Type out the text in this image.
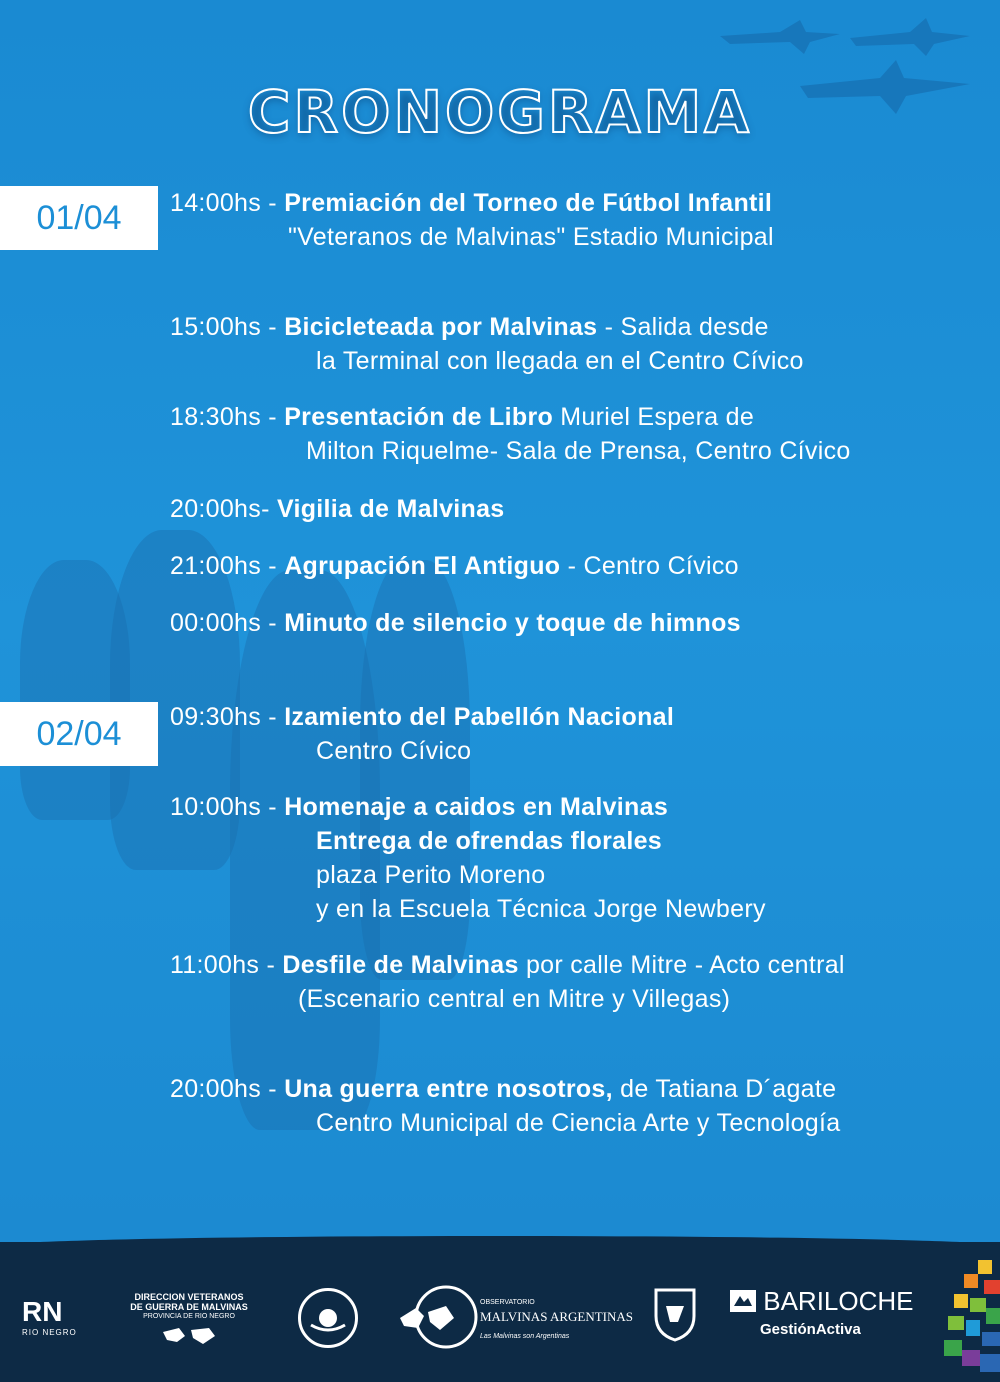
CRONOGRAMA
01/04	14:00hs - Premiación del Torneo de Fútbol Infantil
"Veteranos de Malvinas" Estadio Municipal
15:00hs - Bicicleteada por Malvinas - Salida desde
la Terminal con llegada en el Centro Cívico
18:30hs - Presentación de Libro Muriel Espera de
Milton Riquelme- Sala de Prensa, Centro Cívico
20:00hs- Vigilia de Malvinas
21:00hs - Agrupación El Antiguo - Centro Cívico
00:00hs - Minuto de silencio y toque de himnos
02/04	09:30hs - Izamiento del Pabellón Nacional
Centro Cívico
10:00hs - Homenaje a caidos en Malvinas
Entrega de ofrendas florales
plaza Perito Moreno
y en la Escuela Técnica Jorge Newbery
11:00hs - Desfile de Malvinas por calle Mitre - Acto central
(Escenario central en Mitre y Villegas)
20:00hs - Una guerra entre nosotros, de Tatiana D´agate
Centro Municipal de Ciencia Arte y Tecnología
RN
RIO NEGRO
DIRECCION VETERANOS
DE GUERRA DE MALVINAS
PROVINCIA DE RIO NEGRO
OBSERVATORIO
MALVINAS ARGENTINAS
Las Malvinas son Argentinas
BARILOCHE
GestiónActiva
